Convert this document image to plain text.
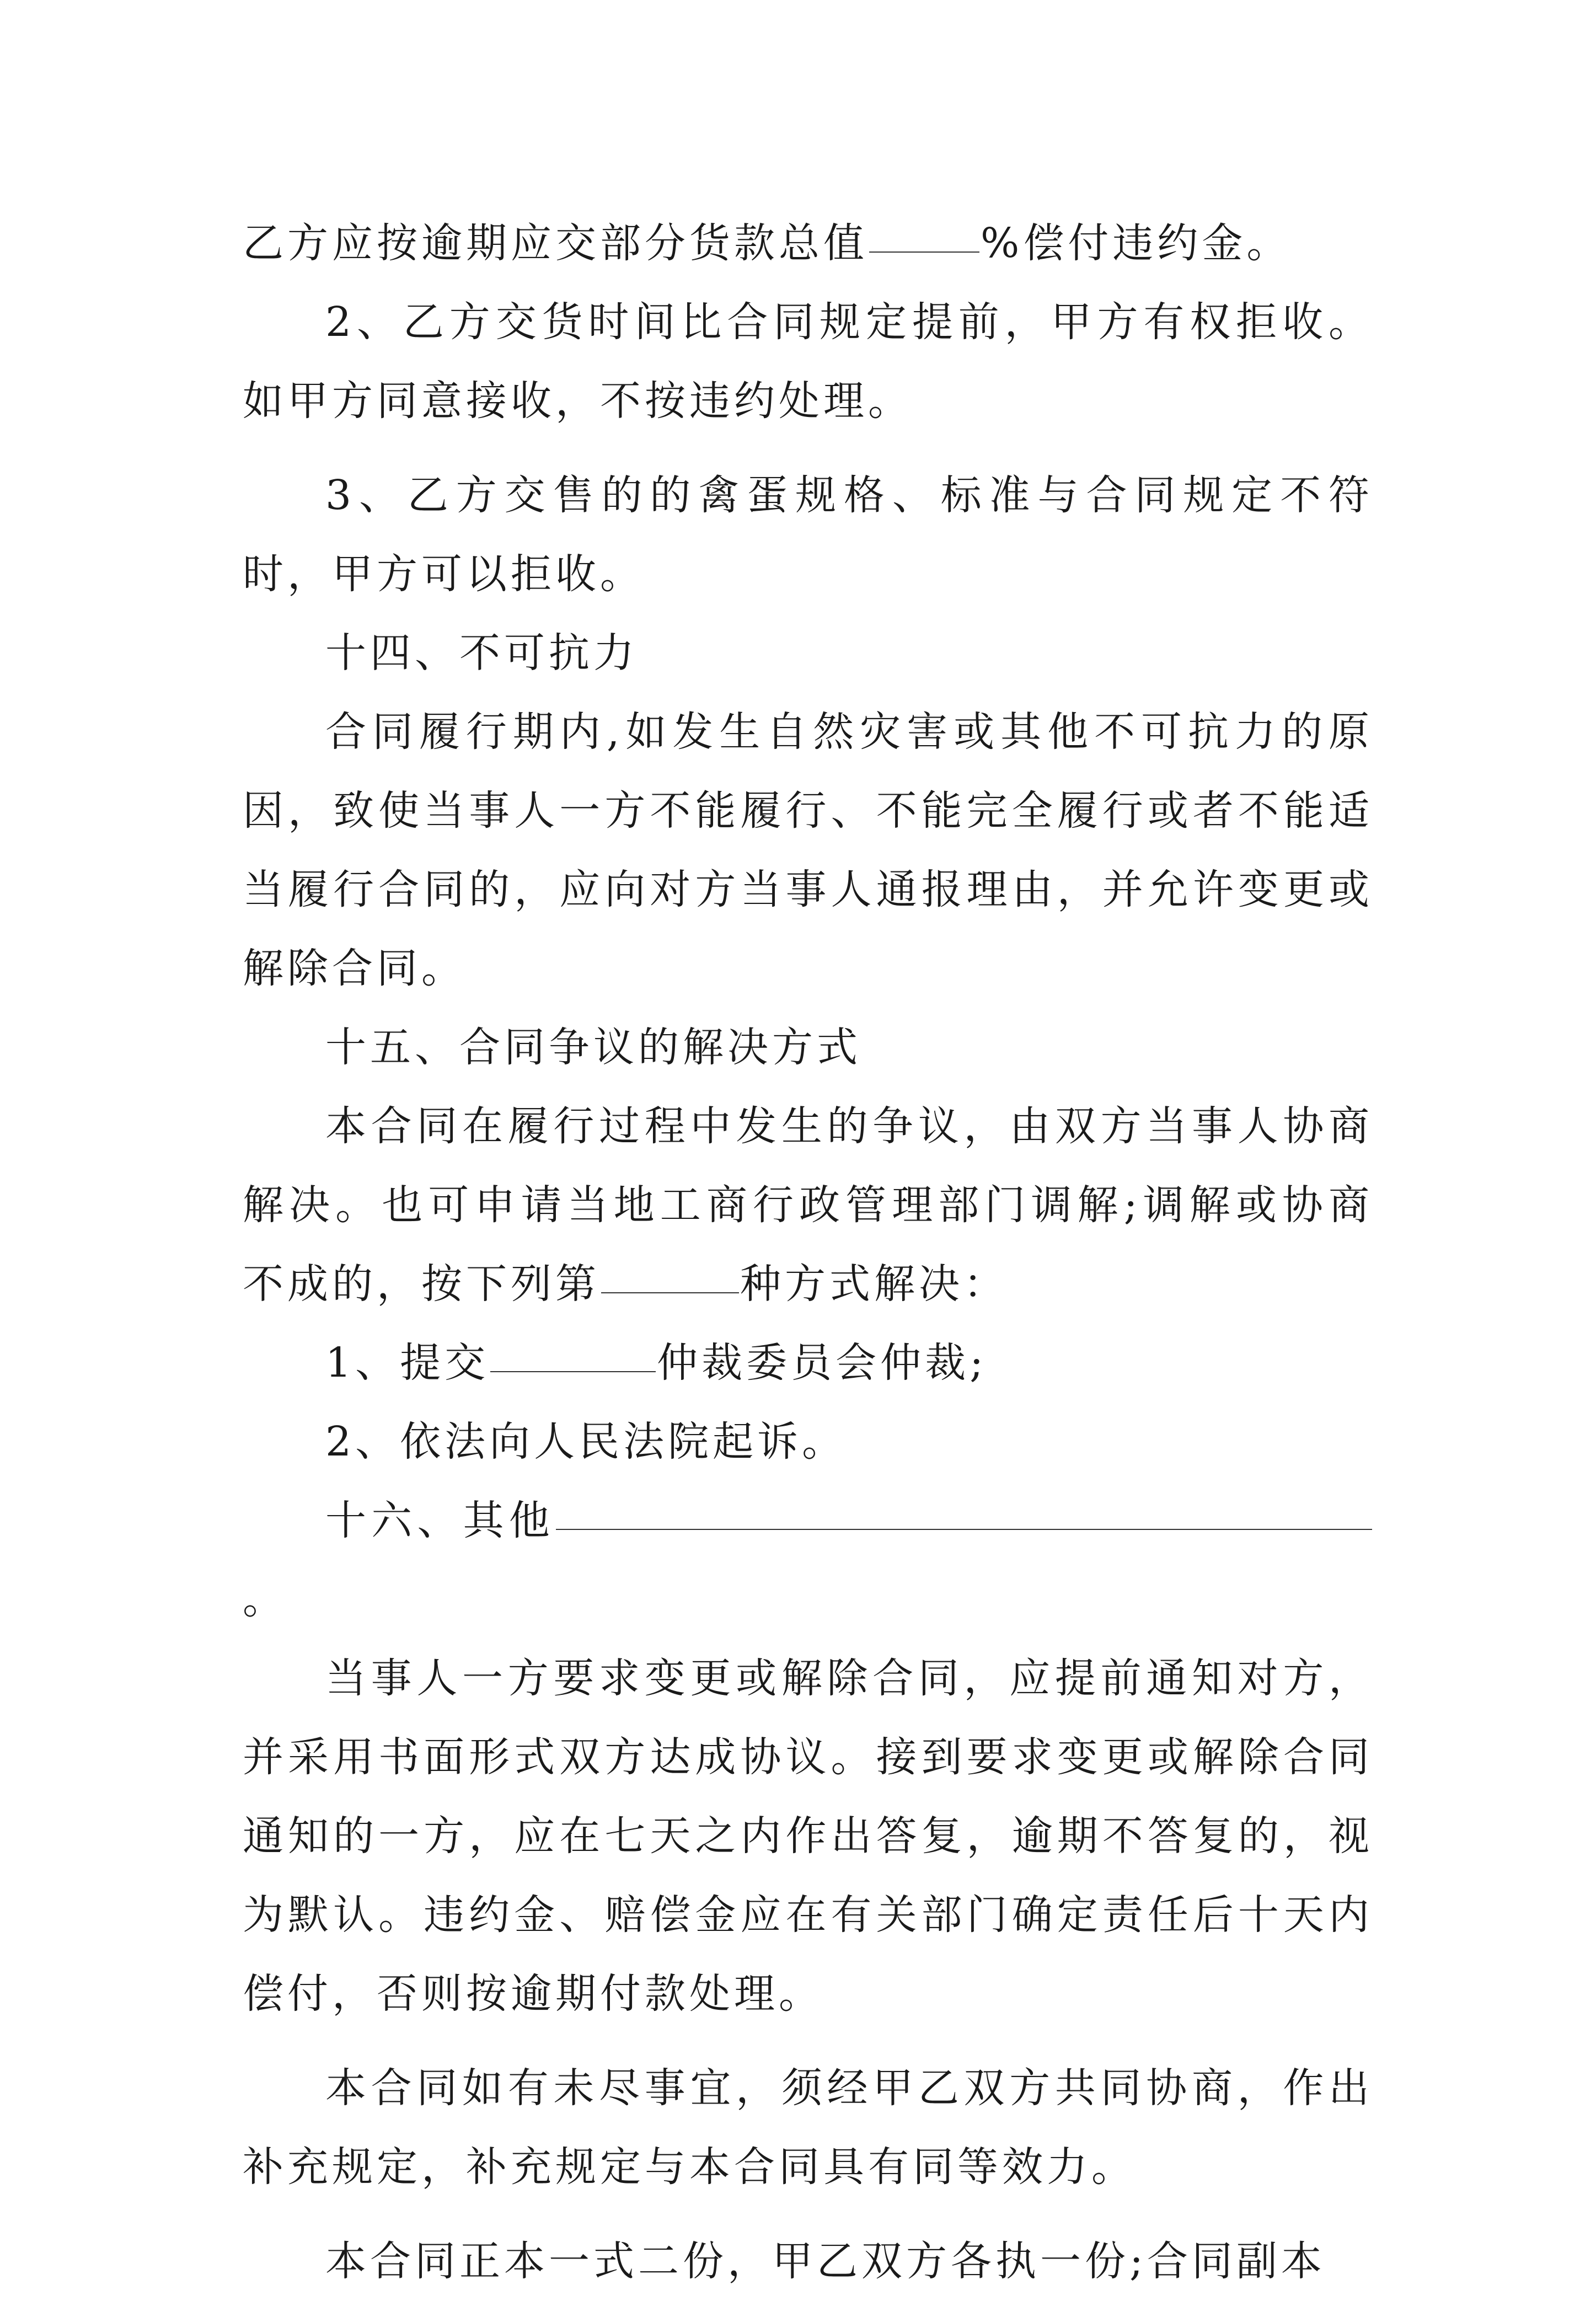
乙方应按逾期应交部分货款总值	%偿付违约金。

2、乙方交货时间比合同规定提前，甲方有权拒收。如甲方同意接收，不按违约处理。

3、乙方交售的的禽蛋规格、标准与合同规定不符时，甲方可以拒收。

十四、不可抗力

合同履行期内,如发生自然灾害或其他不可抗力的原因，致使当事人一方不能履行、不能完全履行或者不能适当履行合同的，应向对方当事人通报理由，并允许变更或解除合同。

十五、合同争议的解决方式

本合同在履行过程中发生的争议，由双方当事人协商解决。也可申请当地工商行政管理部门调解;调解或协商不成的，按下列第	种方式解决：

1、提交	仲裁委员会仲裁;

2、依法向人民法院起诉。

十六、其他。

当事人一方要求变更或解除合同，应提前通知对方，并采用书面形式双方达成协议。接到要求变更或解除合同通知的一方，应在七天之内作出答复，逾期不答复的，视为默认。违约金、赔偿金应在有关部门确定责任后十天内偿付，否则按逾期付款处理。

本合同如有未尽事宜，须经甲乙双方共同协商，作出补充规定，补充规定与本合同具有同等效力。

本合同正本一式二份，甲乙双方各执一份;合同副本
